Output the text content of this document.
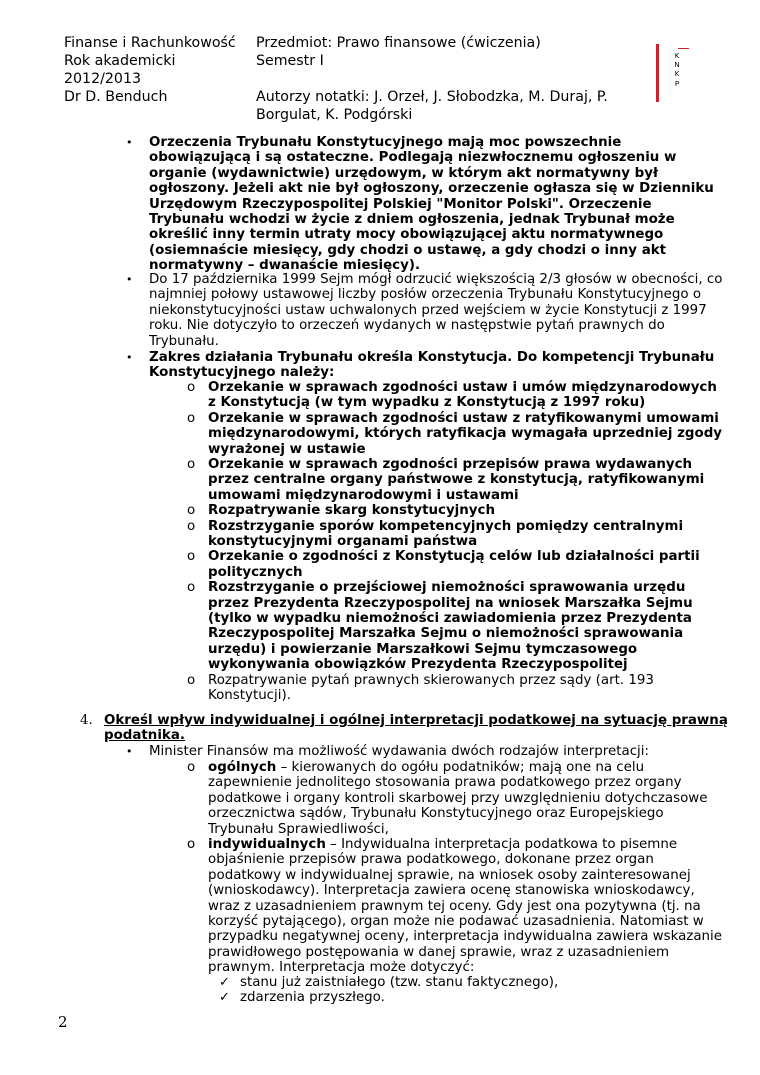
Finanse i Rachunkowość
Rok akademicki
2012/2013
Dr D. Benduch
Przedmiot: Prawo finansowe (ćwiczenia)
Semestr I
Autorzy notatki: J. Orzeł, J. Słobodzka, M. Duraj, P.
Borgulat, K. Podgórski
K
N
K
P
• Orzeczenia Trybunału Konstytucyjnego mają moc powszechnie
obowiązującą i są ostateczne. Podlegają niezwłocznemu ogłoszeniu w
organie (wydawnictwie) urzędowym, w którym akt normatywny był
ogłoszony. Jeżeli akt nie był ogłoszony, orzeczenie ogłasza się w Dzienniku
Urzędowym Rzeczypospolitej Polskiej "Monitor Polski". Orzeczenie
Trybunału wchodzi w życie z dniem ogłoszenia, jednak Trybunał może
określić inny termin utraty mocy obowiązującej aktu normatywnego
(osiemnaście miesięcy, gdy chodzi o ustawę, a gdy chodzi o inny akt
normatywny – dwanaście miesięcy).
• Do 17 października 1999 Sejm mógł odrzucić większością 2/3 głosów w obecności, co
najmniej połowy ustawowej liczby posłów orzeczenia Trybunału Konstytucyjnego o
niekonstytucyjności ustaw uchwalonych przed wejściem w życie Konstytucji z 1997
roku. Nie dotyczyło to orzeczeń wydanych w następstwie pytań prawnych do
Trybunału.
• Zakres działania Trybunału określa Konstytucja. Do kompetencji Trybunału
Konstytucyjnego należy:
o Orzekanie w sprawach zgodności ustaw i umów międzynarodowych
z Konstytucją (w tym wypadku z Konstytucją z 1997 roku)
o Orzekanie w sprawach zgodności ustaw z ratyfikowanymi umowami
międzynarodowymi, których ratyfikacja wymagała uprzedniej zgody
wyrażonej w ustawie
o Orzekanie w sprawach zgodności przepisów prawa wydawanych
przez centralne organy państwowe z konstytucją, ratyfikowanymi
umowami międzynarodowymi i ustawami
o Rozpatrywanie skarg konstytucyjnych
o Rozstrzyganie sporów kompetencyjnych pomiędzy centralnymi
konstytucyjnymi organami państwa
o Orzekanie o zgodności z Konstytucją celów lub działalności partii
politycznych
o Rozstrzyganie o przejściowej niemożności sprawowania urzędu
przez Prezydenta Rzeczypospolitej na wniosek Marszałka Sejmu
(tylko w wypadku niemożności zawiadomienia przez Prezydenta
Rzeczypospolitej Marszałka Sejmu o niemożności sprawowania
urzędu) i powierzanie Marszałkowi Sejmu tymczasowego
wykonywania obowiązków Prezydenta Rzeczypospolitej
o Rozpatrywanie pytań prawnych skierowanych przez sądy (art. 193
Konstytucji).
Określ wpływ indywidualnej i ogólnej interpretacji podatkowej na sytuację prawną
podatnika.
• Minister Finansów ma możliwość wydawania dwóch rodzajów interpretacji:
o ogólnych – kierowanych do ogółu podatników; mają one na celu
zapewnienie jednolitego stosowania prawa podatkowego przez organy
podatkowe i organy kontroli skarbowej przy uwzględnieniu dotychczasowe
orzecznictwa sądów, Trybunału Konstytucyjnego oraz Europejskiego
Trybunału Sprawiedliwości,
o indywidualnych – Indywidualna interpretacja podatkowa to pisemne
objaśnienie przepisów prawa podatkowego, dokonane przez organ
podatkowy w indywidualnej sprawie, na wniosek osoby zainteresowanej
(wnioskodawcy). Interpretacja zawiera ocenę stanowiska wnioskodawcy,
wraz z uzasadnieniem prawnym tej oceny. Gdy jest ona pozytywna (tj. na
korzyść pytającego), organ może nie podawać uzasadnienia. Natomiast w
przypadku negatywnej oceny, interpretacja indywidualna zawiera wskazanie
prawidłowego postępowania w danej sprawie, wraz z uzasadnieniem
prawnym. Interpretacja może dotyczyć:
✓ stanu już zaistniałego (tzw. stanu faktycznego),
✓ zdarzenia przyszłego.
4.
2
